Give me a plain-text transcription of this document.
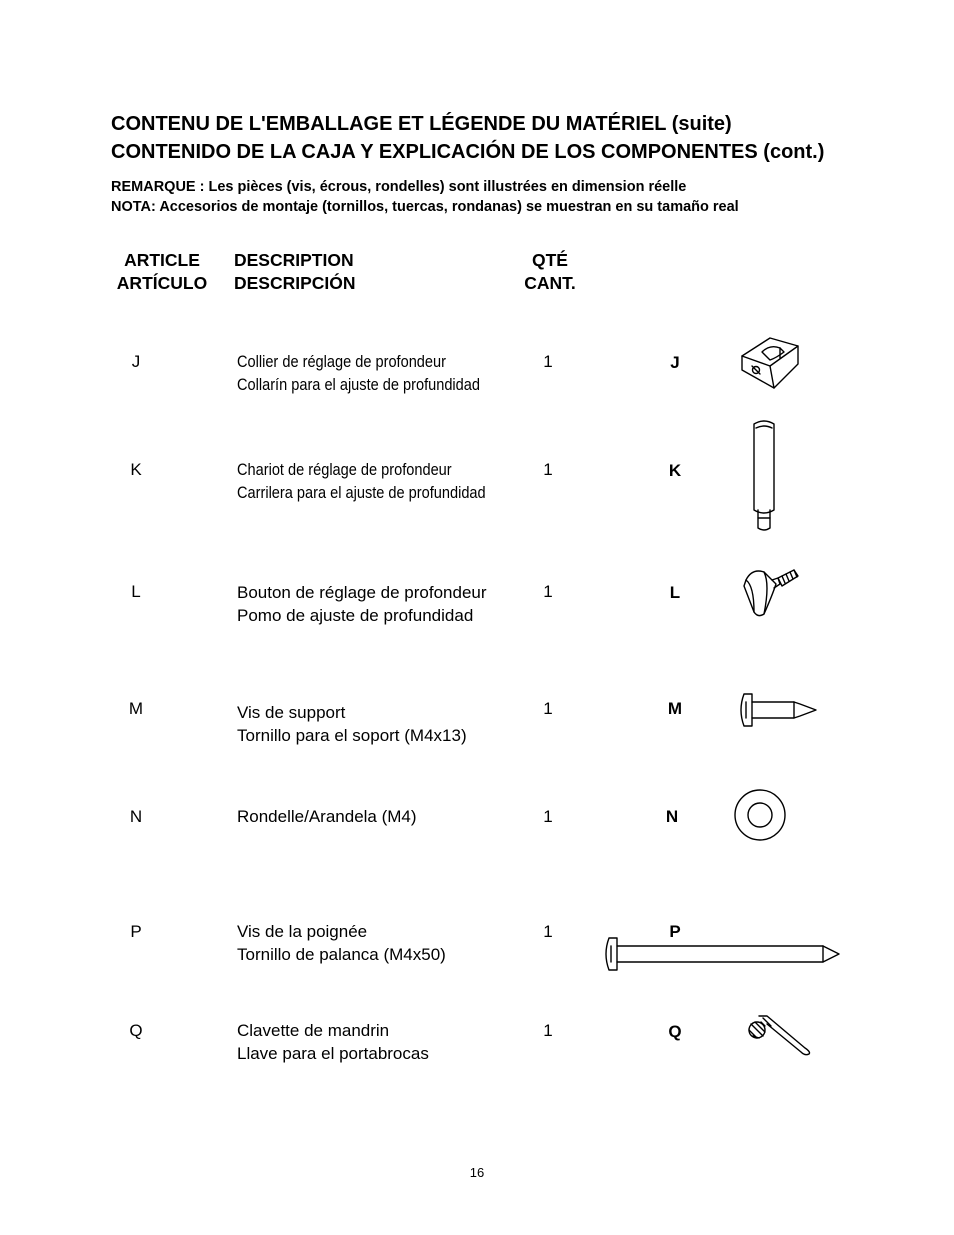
CONTENU DE L'EMBALLAGE ET LÉGENDE DU MATÉRIEL (suite)
CONTENIDO DE LA CAJA Y EXPLICACIÓN DE LOS COMPONENTES (cont.)
REMARQUE : Les pièces (vis, écrous, rondelles) sont illustrées en dimension réelle
NOTA: Accesorios de montaje (tornillos, tuercas, rondanas) se muestran en su tamaño real
ARTICLE
ARTÍCULO
DESCRIPTION
DESCRIPCIÓN
QTÉ
CANT.
J	Collier de réglage de profondeur
Collarín para el ajuste de profundidad
1	J
K	Chariot de réglage de profondeur
Carrilera para el ajuste de profundidad
1	K
L	Bouton de réglage de profondeur
Pomo de ajuste de profundidad
1	L
M	Vis de support
Tornillo para el soport (M4x13)
1	M
N	Rondelle/Arandela (M4)	1	N
P	Vis de la poignée
Tornillo de palanca (M4x50)
1	P
Q	Clavette de mandrin
Llave para el portabrocas
1	Q
16
